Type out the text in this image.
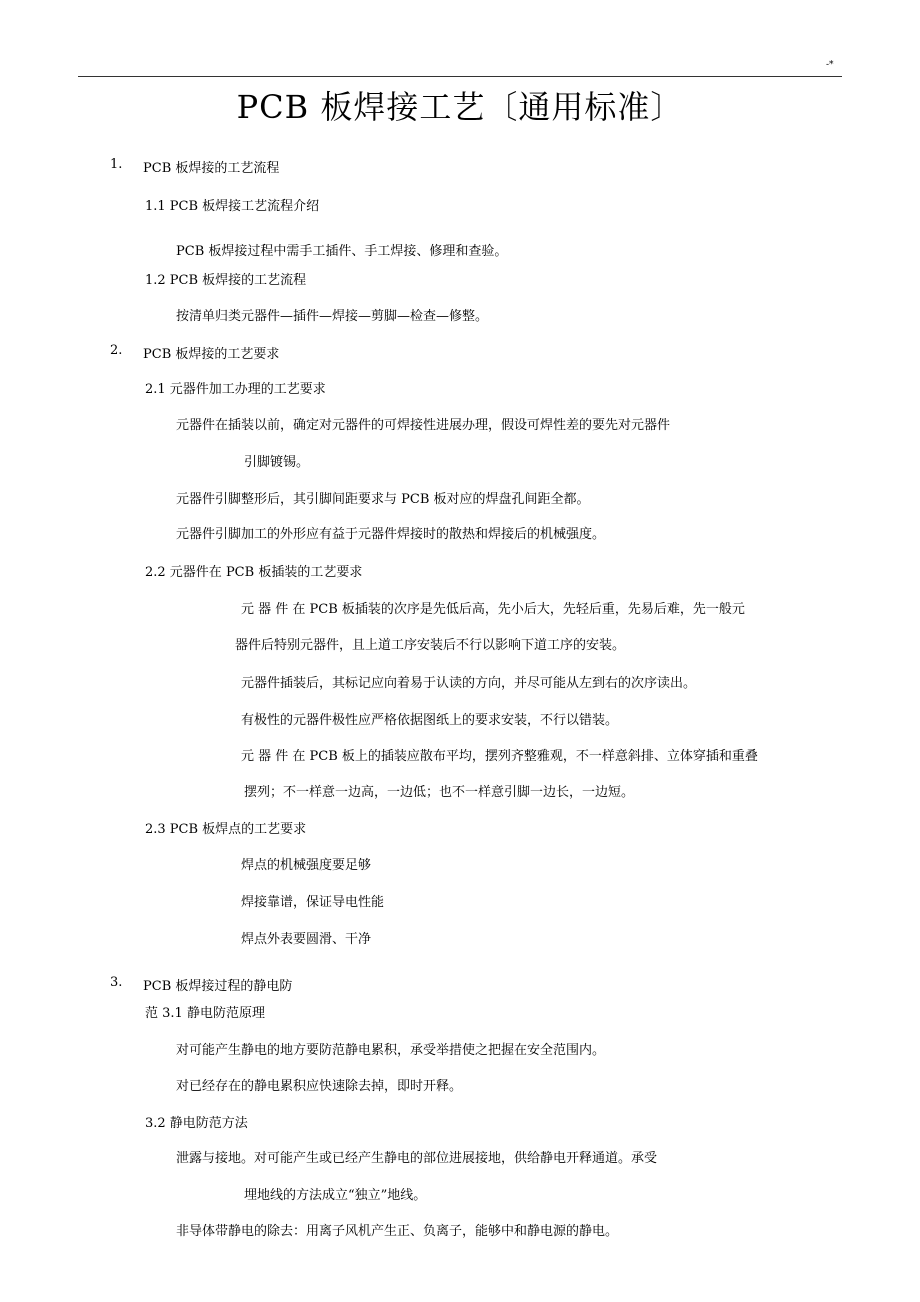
-*
PCB 板焊接工艺〔通用标准〕
1. PCB 板焊接的工艺流程
1.1 PCB 板焊接工艺流程介绍
PCB 板焊接过程中需手工插件、手工焊接、修理和查验。
1.2 PCB 板焊接的工艺流程
按清单归类元器件—插件—焊接—剪脚—检查—修整。
2. PCB 板焊接的工艺要求
2.1 元器件加工办理的工艺要求
元器件在插装以前，确定对元器件的可焊接性进展办理，假设可焊性差的要先对元器件
引脚镀锡。
元器件引脚整形后，其引脚间距要求与 PCB 板对应的焊盘孔间距全都。
元器件引脚加工的外形应有益于元器件焊接时的散热和焊接后的机械强度。
2.2 元器件在 PCB 板插装的工艺要求
元 器 件 在 PCB 板插装的次序是先低后高，先小后大，先轻后重，先易后难，先一般元
器件后特别元器件，且上道工序安装后不行以影响下道工序的安装。
元器件插装后，其标记应向着易于认读的方向，并尽可能从左到右的次序读出。
有极性的元器件极性应严格依据图纸上的要求安装，不行以错装。
元 器 件 在 PCB 板上的插装应散布平均，摆列齐整雅观，不一样意斜排、立体穿插和重叠
摆列；不一样意一边高，一边低；也不一样意引脚一边长，一边短。
2.3 PCB 板焊点的工艺要求
焊点的机械强度要足够
焊接靠谱，保证导电性能
焊点外表要圆滑、干净
3. PCB 板焊接过程的静电防
范 3.1 静电防范原理
对可能产生静电的地方要防范静电累积，承受举措使之把握在安全范围内。
对已经存在的静电累积应快速除去掉，即时开释。
3.2 静电防范方法
泄露与接地。对可能产生或已经产生静电的部位进展接地，供给静电开释通道。承受
埋地线的方法成立“独立”地线。
非导体带静电的除去：用离子风机产生正、负离子，能够中和静电源的静电。
